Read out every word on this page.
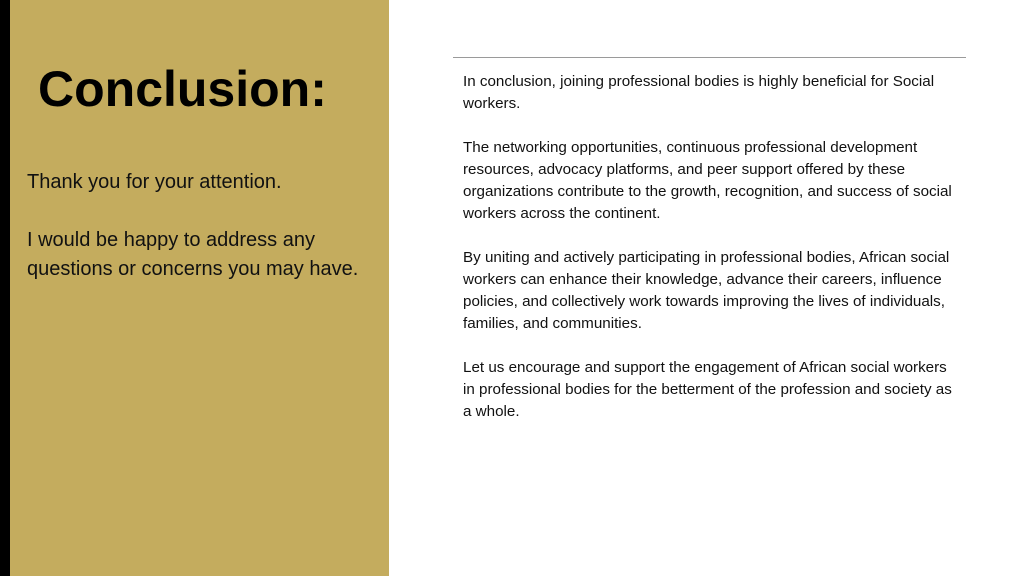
Conclusion:

Thank you for your attention.

I would be happy to address any questions or concerns you may have.

In conclusion, joining professional bodies is highly beneficial for Social workers.

The networking opportunities, continuous professional development resources, advocacy platforms, and peer support offered by these organizations contribute to the growth, recognition, and success of social workers across the continent.

By uniting and actively participating in professional bodies, African social workers can enhance their knowledge, advance their careers, influence policies, and collectively work towards improving the lives of individuals, families, and communities.

Let us encourage and support the engagement of African social workers in professional bodies for the betterment of the profession and society as a whole.
